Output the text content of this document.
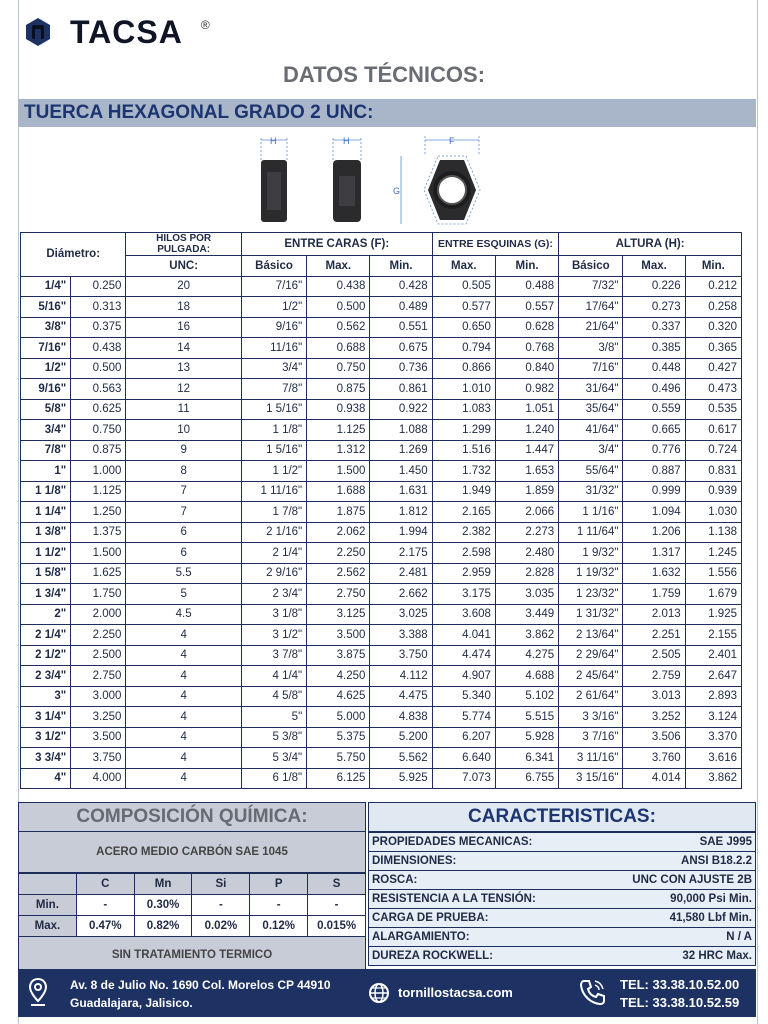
TACSA ®
DATOS TÉCNICOS:
TUERCA HEXAGONAL GRADO 2 UNC:
H	H	F
G
Diámetro:		HILOS POR PULGADA:	ENTRE CARAS (F):			ENTRE ESQUINAS (G):		ALTURA (H):		
		UNC:	Básico	Max.	Min.	Max.	Min.	Básico	Max.	Min.
1/4"	0.250	20	7/16"	0.438	0.428	0.505	0.488	7/32"	0.226	0.212
5/16"	0.313	18	1/2"	0.500	0.489	0.577	0.557	17/64"	0.273	0.258
3/8"	0.375	16	9/16"	0.562	0.551	0.650	0.628	21/64"	0.337	0.320
7/16"	0.438	14	11/16"	0.688	0.675	0.794	0.768	3/8"	0.385	0.365
1/2"	0.500	13	3/4"	0.750	0.736	0.866	0.840	7/16"	0.448	0.427
9/16"	0.563	12	7/8"	0.875	0.861	1.010	0.982	31/64"	0.496	0.473
5/8"	0.625	11	1 5/16"	0.938	0.922	1.083	1.051	35/64"	0.559	0.535
3/4"	0.750	10	1 1/8"	1.125	1.088	1.299	1.240	41/64"	0.665	0.617
7/8"	0.875	9	1 5/16"	1.312	1.269	1.516	1.447	3/4"	0.776	0.724
1"	1.000	8	1 1/2"	1.500	1.450	1.732	1.653	55/64"	0.887	0.831
1 1/8"	1.125	7	1 11/16"	1.688	1.631	1.949	1.859	31/32"	0.999	0.939
1 1/4"	1.250	7	1 7/8"	1.875	1.812	2.165	2.066	1 1/16"	1.094	1.030
1 3/8"	1.375	6	2 1/16"	2.062	1.994	2.382	2.273	1 11/64"	1.206	1.138
1 1/2"	1.500	6	2 1/4"	2.250	2.175	2.598	2.480	1 9/32"	1.317	1.245
1 5/8"	1.625	5.5	2 9/16"	2.562	2.481	2.959	2.828	1 19/32"	1.632	1.556
1 3/4"	1.750	5	2 3/4"	2.750	2.662	3.175	3.035	1 23/32"	1.759	1.679
2"	2.000	4.5	3 1/8"	3.125	3.025	3.608	3.449	1 31/32"	2.013	1.925
2 1/4"	2.250	4	3 1/2"	3.500	3.388	4.041	3.862	2 13/64"	2.251	2.155
2 1/2"	2.500	4	3 7/8"	3.875	3.750	4.474	4.275	2 29/64"	2.505	2.401
2 3/4"	2.750	4	4 1/4"	4.250	4.112	4.907	4.688	2 45/64"	2.759	2.647
3"	3.000	4	4 5/8"	4.625	4.475	5.340	5.102	2 61/64"	3.013	2.893
3 1/4"	3.250	4	5"	5.000	4.838	5.774	5.515	3 3/16"	3.252	3.124
3 1/2"	3.500	4	5 3/8"	5.375	5.200	6.207	5.928	3 7/16"	3.506	3.370
3 3/4"	3.750	4	5 3/4"	5.750	5.562	6.640	6.341	3 11/16"	3.760	3.616
4"	4.000	4	6 1/8"	6.125	5.925	7.073	6.755	3 15/16"	4.014	3.862
COMPOSICIÓN QUÍMICA:
ACERO MEDIO CARBÓN SAE 1045
	C	Mn	Si	P	S
Min.	-	0.30%	-	-	-
Max.	0.47%	0.82%	0.02%	0.12%	0.015%
SIN TRATAMIENTO TERMICO
CARACTERISTICAS:
PROPIEDADES MECANICAS:	SAE J995
DIMENSIONES:	ANSI B18.2.2
ROSCA:	UNC CON AJUSTE 2B
RESISTENCIA A LA TENSIÓN:	90,000 Psi Min.
CARGA DE PRUEBA:	41,580 Lbf Min.
ALARGAMIENTO:	N / A
DUREZA ROCKWELL:	32 HRC Max.
Av. 8 de Julio No. 1690 Col. Morelos CP 44910
Guadalajara, Jalisico.
tornillostacsa.com
TEL: 33.38.10.52.00
TEL: 33.38.10.52.59
